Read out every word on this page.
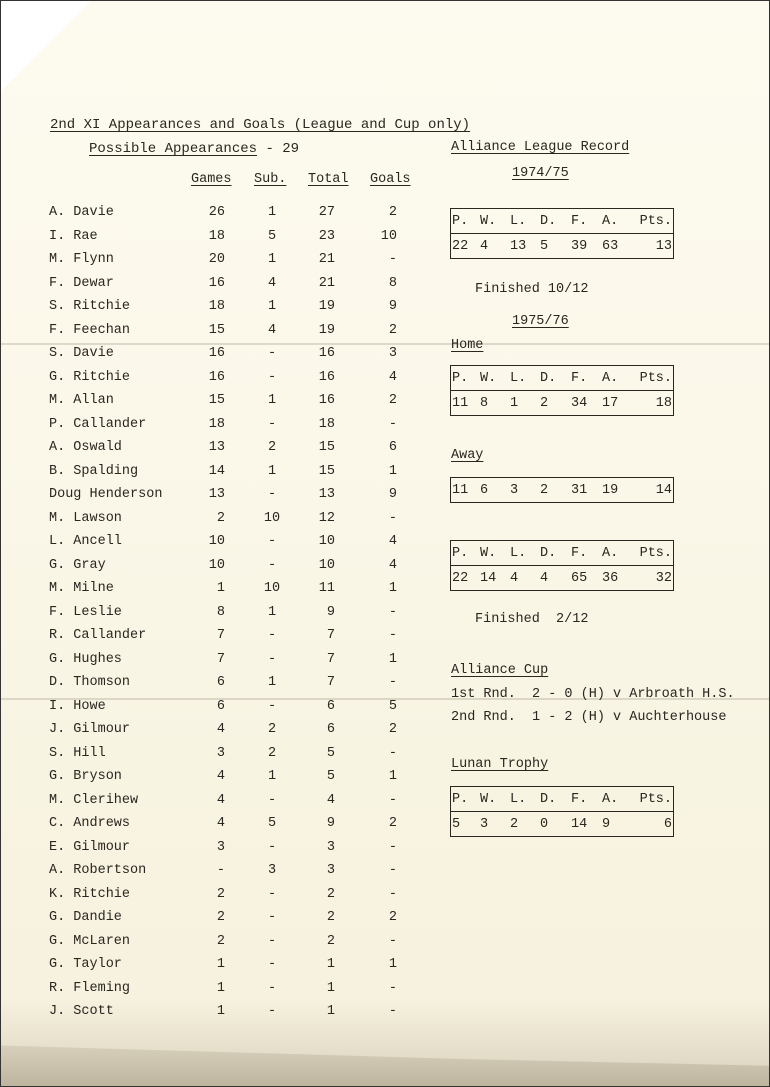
2nd XI Appearances and Goals (League and Cup only)
Possible Appearances - 29
Games Sub. Total Goals
A. Davie	26	1	27	2
I. Rae	18	5	23	10
M. Flynn	20	1	21	-
F. Dewar	16	4	21	8
S. Ritchie	18	1	19	9
F. Feechan	15	4	19	2
S. Davie	16	-	16	3
G. Ritchie	16	-	16	4
M. Allan	15	1	16	2
P. Callander	18	-	18	-
A. Oswald	13	2	15	6
B. Spalding	14	1	15	1
Doug Henderson	13	-	13	9
M. Lawson	2	10	12	-
L. Ancell	10	-	10	4
G. Gray	10	-	10	4
M. Milne	1	10	11	1
F. Leslie	8	1	9	-
R. Callander	7	-	7	-
G. Hughes	7	-	7	1
D. Thomson	6	1	7	-
I. Howe	6	-	6	5
J. Gilmour	4	2	6	2
S. Hill	3	2	5	-
G. Bryson	4	1	5	1
M. Clerihew	4	-	4	-
C. Andrews	4	5	9	2
E. Gilmour	3	-	3	-
A. Robertson	-	3	3	-
K. Ritchie	2	-	2	-
G. Dandie	2	-	2	2
G. McLaren	2	-	2	-
G. Taylor	1	-	1	1
R. Fleming	1	-	1	-
J. Scott	1	-	1	-
Alliance League Record
1974/75
P. W.	L.	D.	F.	A.	Pts.
22 4	13	5	39	63	13
Finished 10/12
1975/76
Home
P. W.	L.	D.	F.	A.	Pts.
11 8	1	2	34	17	18
Away
11 6	3	2	31	19	14
P. W.	L.	D.	F.	A.	Pts.
22 14	4	4	65	36	32
Finished  2/12
Alliance Cup
1st Rnd.  2 - 0 (H) v Arbroath H.S.
2nd Rnd.  1 - 2 (H) v Auchterhouse
Lunan Trophy
P. W.	L.	D.	F.	A.	Pts.
5	3	2	0	14	9	6
